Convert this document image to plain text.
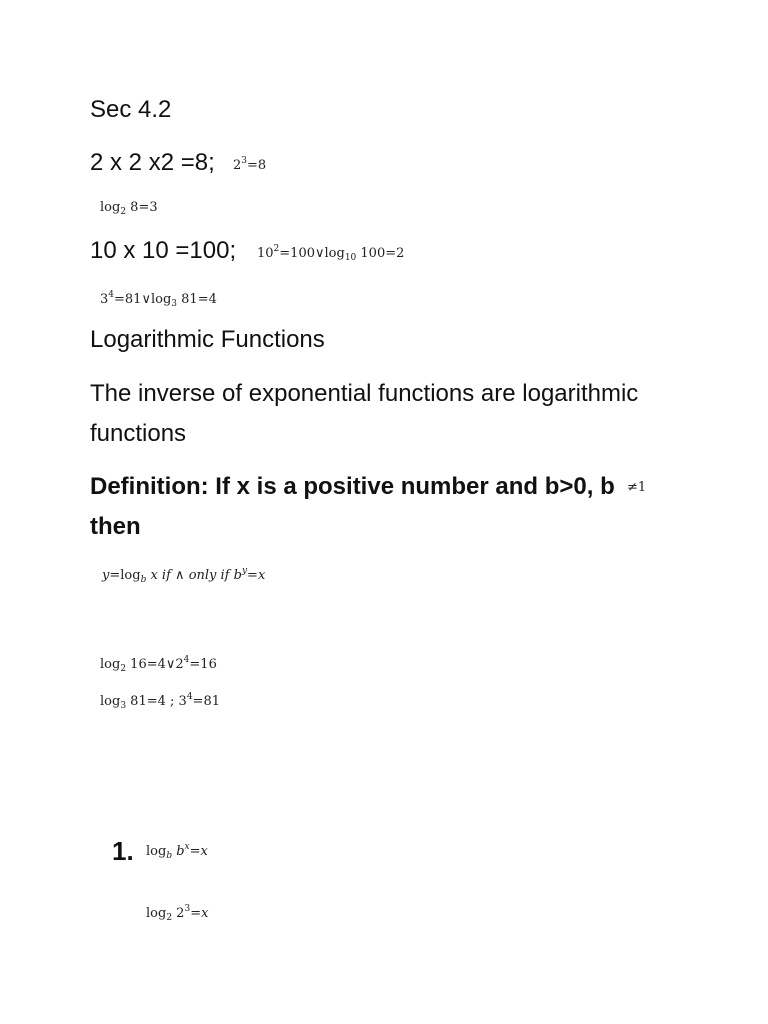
Sec 4.2
2 x 2 x2 =8; $2^3=8$
$\log_2 8=3$
10 x 10 =100; $10^2=100\vee\log_{10}$ 100=2
$3^4=81\vee\log_3$ 81=4
Logarithmic Functions
The inverse of exponential functions are logarithmic functions
Definition: If x is a positive number and b>0, b
then
≠1
$y=\log_b$ x if ∧ only if $b^y=x$
$\log_2$ $16=4\vee 2^4=16$
$\log_3 81=4$ ; $3^4=81$
1. $\log_b b^x=x$
$\log_2 2^3=x$
